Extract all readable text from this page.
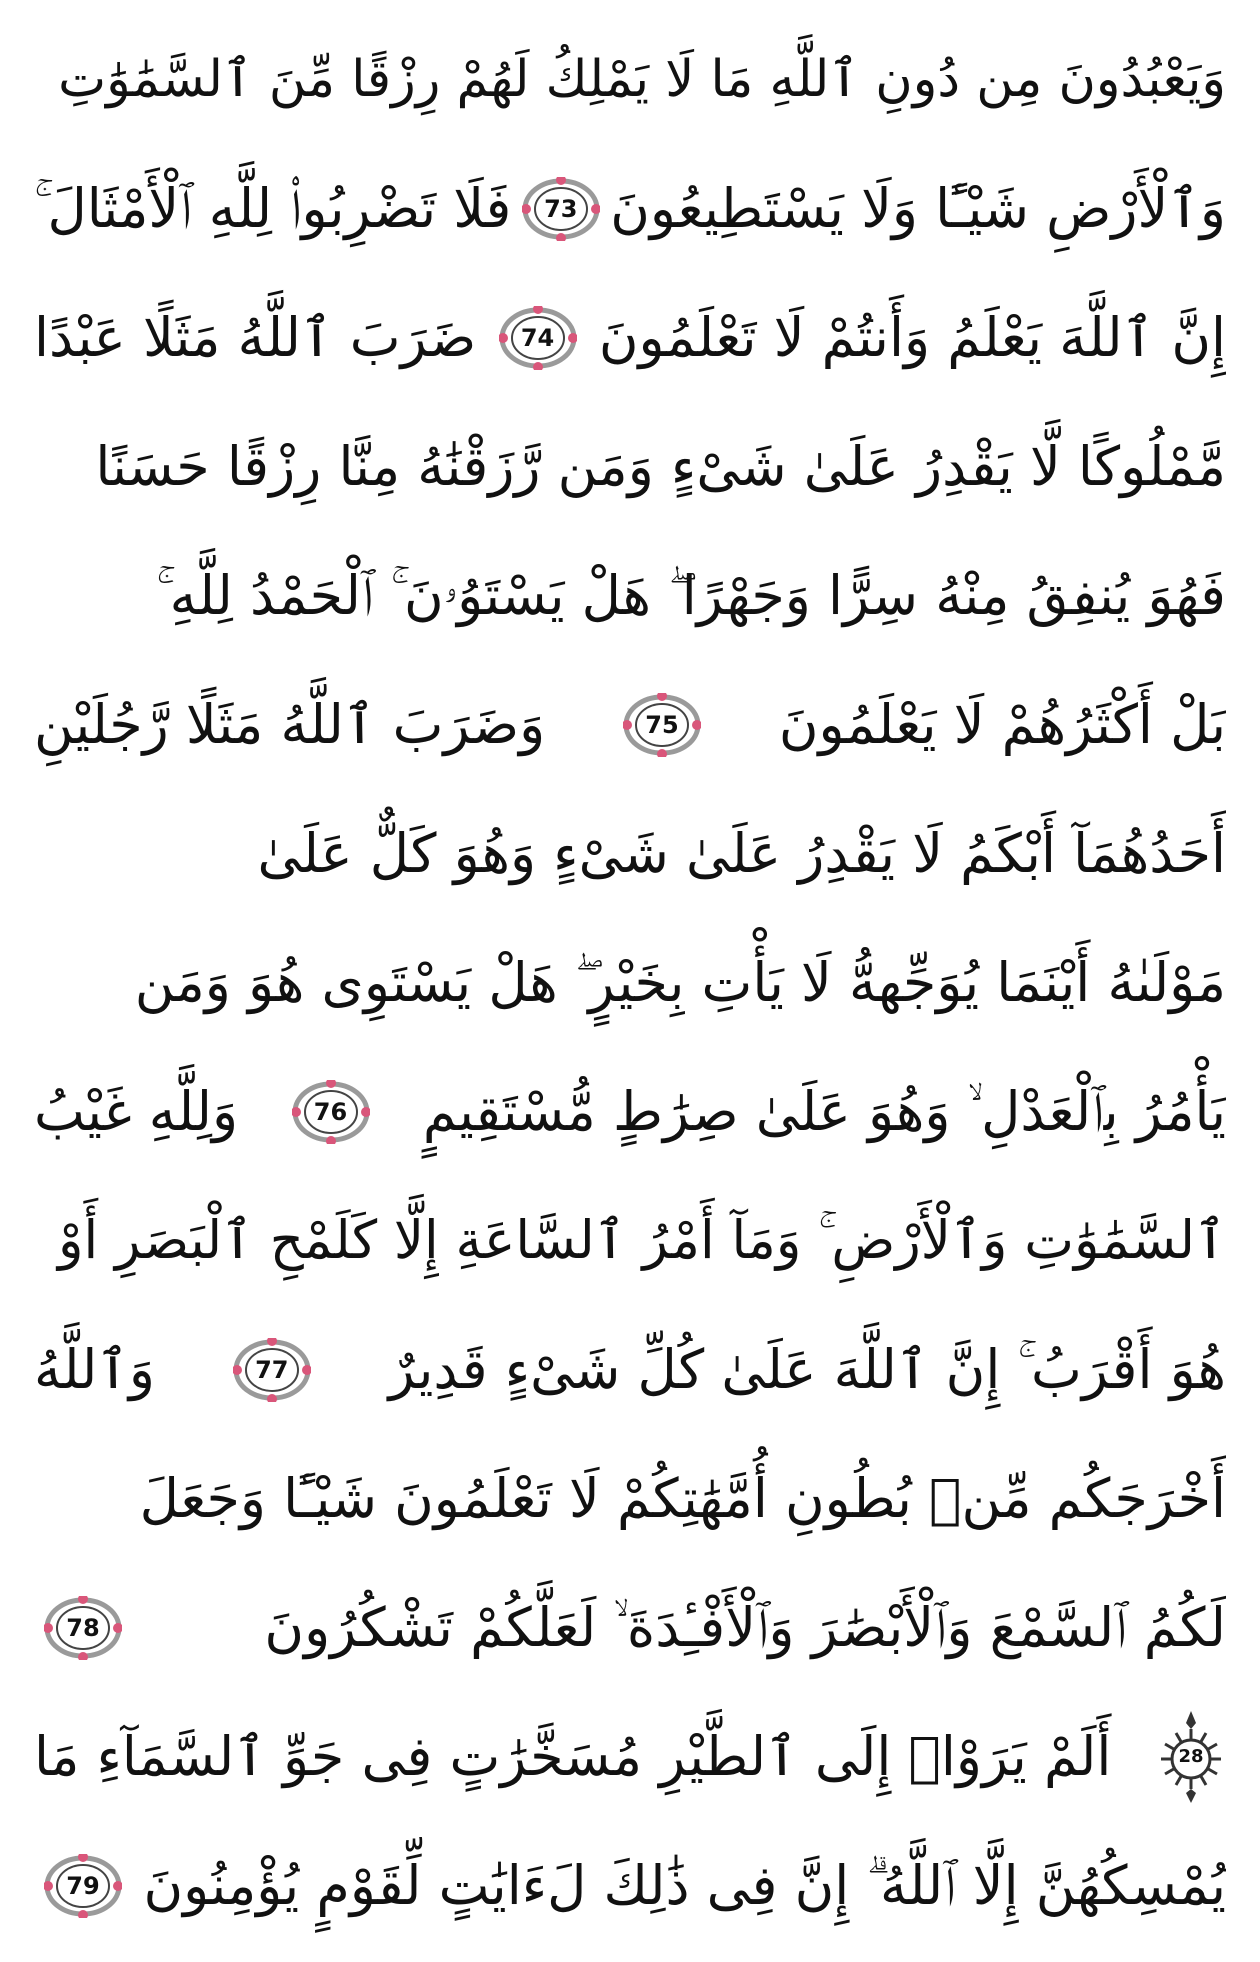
وَيَعْبُدُونَ مِن دُونِ ٱللَّهِ مَا لَا يَمْلِكُ لَهُمْ رِزْقًا مِّنَ ٱلسَّمَٰوَٰتِ
وَٱلْأَرْضِ شَيْـًٔا وَلَا يَسْتَطِيعُونَ
73
فَلَا تَضْرِبُوا۟ لِلَّهِ ٱلْأَمْثَالَ ۚ
إِنَّ ٱللَّهَ يَعْلَمُ وَأَنتُمْ لَا تَعْلَمُونَ
74
ضَرَبَ ٱللَّهُ مَثَلًا عَبْدًا
مَّمْلُوكًا لَّا يَقْدِرُ عَلَىٰ شَىْءٍ وَمَن رَّزَقْنَٰهُ مِنَّا رِزْقًا حَسَنًا
فَهُوَ يُنفِقُ مِنْهُ سِرًّا وَجَهْرًا ۖ هَلْ يَسْتَوُۥنَ ۚ ٱلْحَمْدُ لِلَّهِ ۚ
بَلْ أَكْثَرُهُمْ لَا يَعْلَمُونَ
75
وَضَرَبَ ٱللَّهُ مَثَلًا رَّجُلَيْنِ
أَحَدُهُمَآ أَبْكَمُ لَا يَقْدِرُ عَلَىٰ شَىْءٍ وَهُوَ كَلٌّ عَلَىٰ
مَوْلَىٰهُ أَيْنَمَا يُوَجِّههُّ لَا يَأْتِ بِخَيْرٍ ۖ هَلْ يَسْتَوِى هُوَ وَمَن
يَأْمُرُ بِٱلْعَدْلِ ۙ وَهُوَ عَلَىٰ صِرَٰطٍ مُّسْتَقِيمٍ
76
وَلِلَّهِ غَيْبُ
ٱلسَّمَٰوَٰتِ وَٱلْأَرْضِ ۚ وَمَآ أَمْرُ ٱلسَّاعَةِ إِلَّا كَلَمْحِ ٱلْبَصَرِ أَوْ
هُوَ أَقْرَبُ ۚ إِنَّ ٱللَّهَ عَلَىٰ كُلِّ شَىْءٍ قَدِيرٌ
77
وَٱللَّهُ
أَخْرَجَكُم مِّنۢ بُطُونِ أُمَّهَٰتِكُمْ لَا تَعْلَمُونَ شَيْـًٔا وَجَعَلَ
لَكُمُ ٱلسَّمْعَ وَٱلْأَبْصَٰرَ وَٱلْأَفْـِٔدَةَ ۙ لَعَلَّكُمْ تَشْكُرُونَ
78
28
أَلَمْ يَرَوْا۟ إِلَى ٱلطَّيْرِ مُسَخَّرَٰتٍ فِى جَوِّ ٱلسَّمَآءِ مَا
يُمْسِكُهُنَّ إِلَّا ٱللَّهُ ۗ إِنَّ فِى ذَٰلِكَ لَءَايَٰتٍ لِّقَوْمٍ يُؤْمِنُونَ
79
